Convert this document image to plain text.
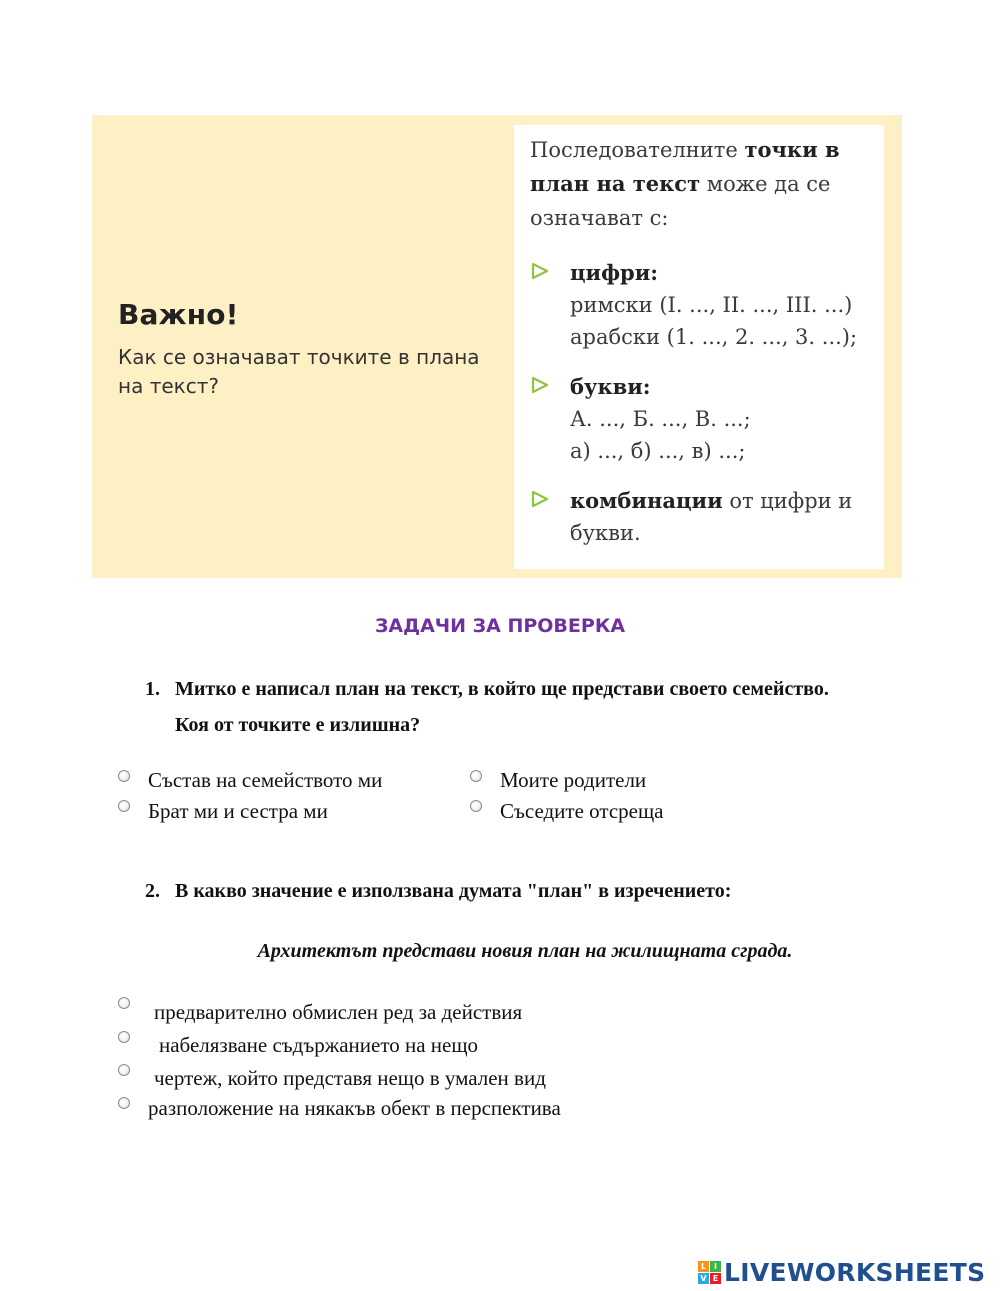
Важно!

Как се означават точките в плана на текст?

Последователните точки в план на текст може да се означават с:

цифри:
римски (I. ..., II. ..., III. ...)
арабски (1. ..., 2. ..., 3. ...);
букви:
А. ..., Б. ..., В. ...;
а) ..., б) ..., в) ...;
комбинации от цифри и букви.
ЗАДАЧИ ЗА ПРОВЕРКА
1. Митко е написал план на текст, в който ще представи своето семейство.
Коя от точките е излишна?
Състав на семейството ми	Моите родители
Брат ми и сестра ми	Съседите отсреща
2. В какво значение е използвана думата "план" в изречението:
Архитектът представи новия план на жилищната сграда.
предварително обмислен ред за действия
набелязване съдържанието на нещо
чертеж, който представя нещо в умален вид
разположение на някакъв обект в перспектива
L I
V E LIVEWORKSHEETS
